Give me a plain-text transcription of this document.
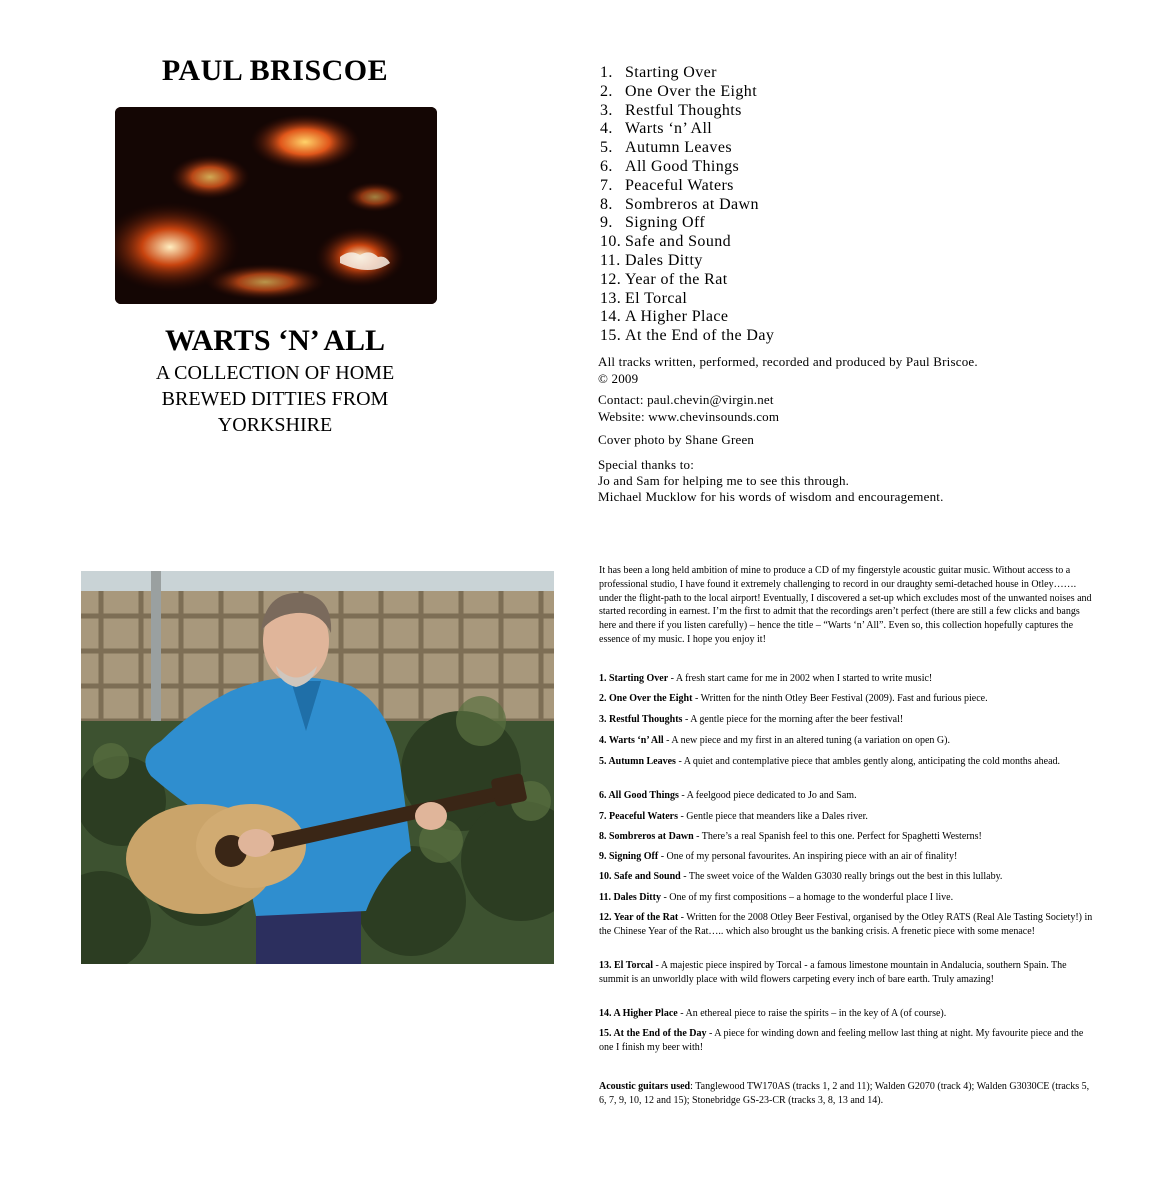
PAUL BRISCOE
WARTS ‘N’ ALL
A COLLECTION OF HOME
BREWED DITTIES FROM
YORKSHIRE
1. Starting Over
2. One Over the Eight
3. Restful Thoughts
4. Warts ‘n’ All
5. Autumn Leaves
6. All Good Things
7. Peaceful Waters
8. Sombreros at Dawn
9. Signing Off
10. Safe and Sound
11. Dales Ditty
12. Year of the Rat
13. El Torcal
14. A Higher Place
15. At the End of the Day
All tracks written, performed, recorded and produced by Paul Briscoe.
© 2009
Contact: paul.chevin@virgin.net
Website: www.chevinsounds.com
Cover photo by Shane Green
Special thanks to:
Jo and Sam for helping me to see this through.
Michael Mucklow for his words of wisdom and encouragement.
It has been a long held ambition of mine to produce a CD of my fingerstyle acoustic guitar music. Without access to a professional studio, I have found it extremely challenging to record in our draughty semi-detached house in Otley……. under the flight-path to the local airport! Eventually, I discovered a set-up which excludes most of the unwanted noises and started recording in earnest. I’m the first to admit that the recordings aren’t perfect (there are still a few clicks and bangs here and there if you listen carefully) – hence the title – “Warts ‘n’ All”. Even so, this collection hopefully captures the essence of my music. I hope you enjoy it!
1. Starting Over - A fresh start came for me in 2002 when I started to write music!
2. One Over the Eight - Written for the ninth Otley Beer Festival (2009). Fast and furious piece.
3. Restful Thoughts - A gentle piece for the morning after the beer festival!
4. Warts ‘n’ All - A new piece and my first in an altered tuning (a variation on open G).
5. Autumn Leaves - A quiet and contemplative piece that ambles gently along, anticipating the cold months ahead.
6. All Good Things - A feelgood piece dedicated to Jo and Sam.
7. Peaceful Waters - Gentle piece that meanders like a Dales river.
8. Sombreros at Dawn - There’s a real Spanish feel to this one. Perfect for Spaghetti Westerns!
9. Signing Off - One of my personal favourites. An inspiring piece with an air of finality!
10. Safe and Sound - The sweet voice of the Walden G3030 really brings out the best in this lullaby.
11. Dales Ditty - One of my first compositions – a homage to the wonderful place I live.
12. Year of the Rat - Written for the 2008 Otley Beer Festival, organised by the Otley RATS (Real Ale Tasting Society!) in the Chinese Year of the Rat….. which also brought us the banking crisis. A frenetic piece with some menace!
13. El Torcal - A majestic piece inspired by Torcal - a famous limestone mountain in Andalucia, southern Spain. The summit is an unworldly place with wild flowers carpeting every inch of bare earth. Truly amazing!
14. A Higher Place - An ethereal piece to raise the spirits – in the key of A (of course).
15. At the End of the Day - A piece for winding down and feeling mellow last thing at night. My favourite piece and the one I finish my beer with!
Acoustic guitars used: Tanglewood TW170AS (tracks 1, 2 and 11); Walden G2070 (track 4); Walden G3030CE (tracks 5, 6, 7, 9, 10, 12 and 15); Stonebridge GS-23-CR (tracks 3, 8, 13 and 14).
